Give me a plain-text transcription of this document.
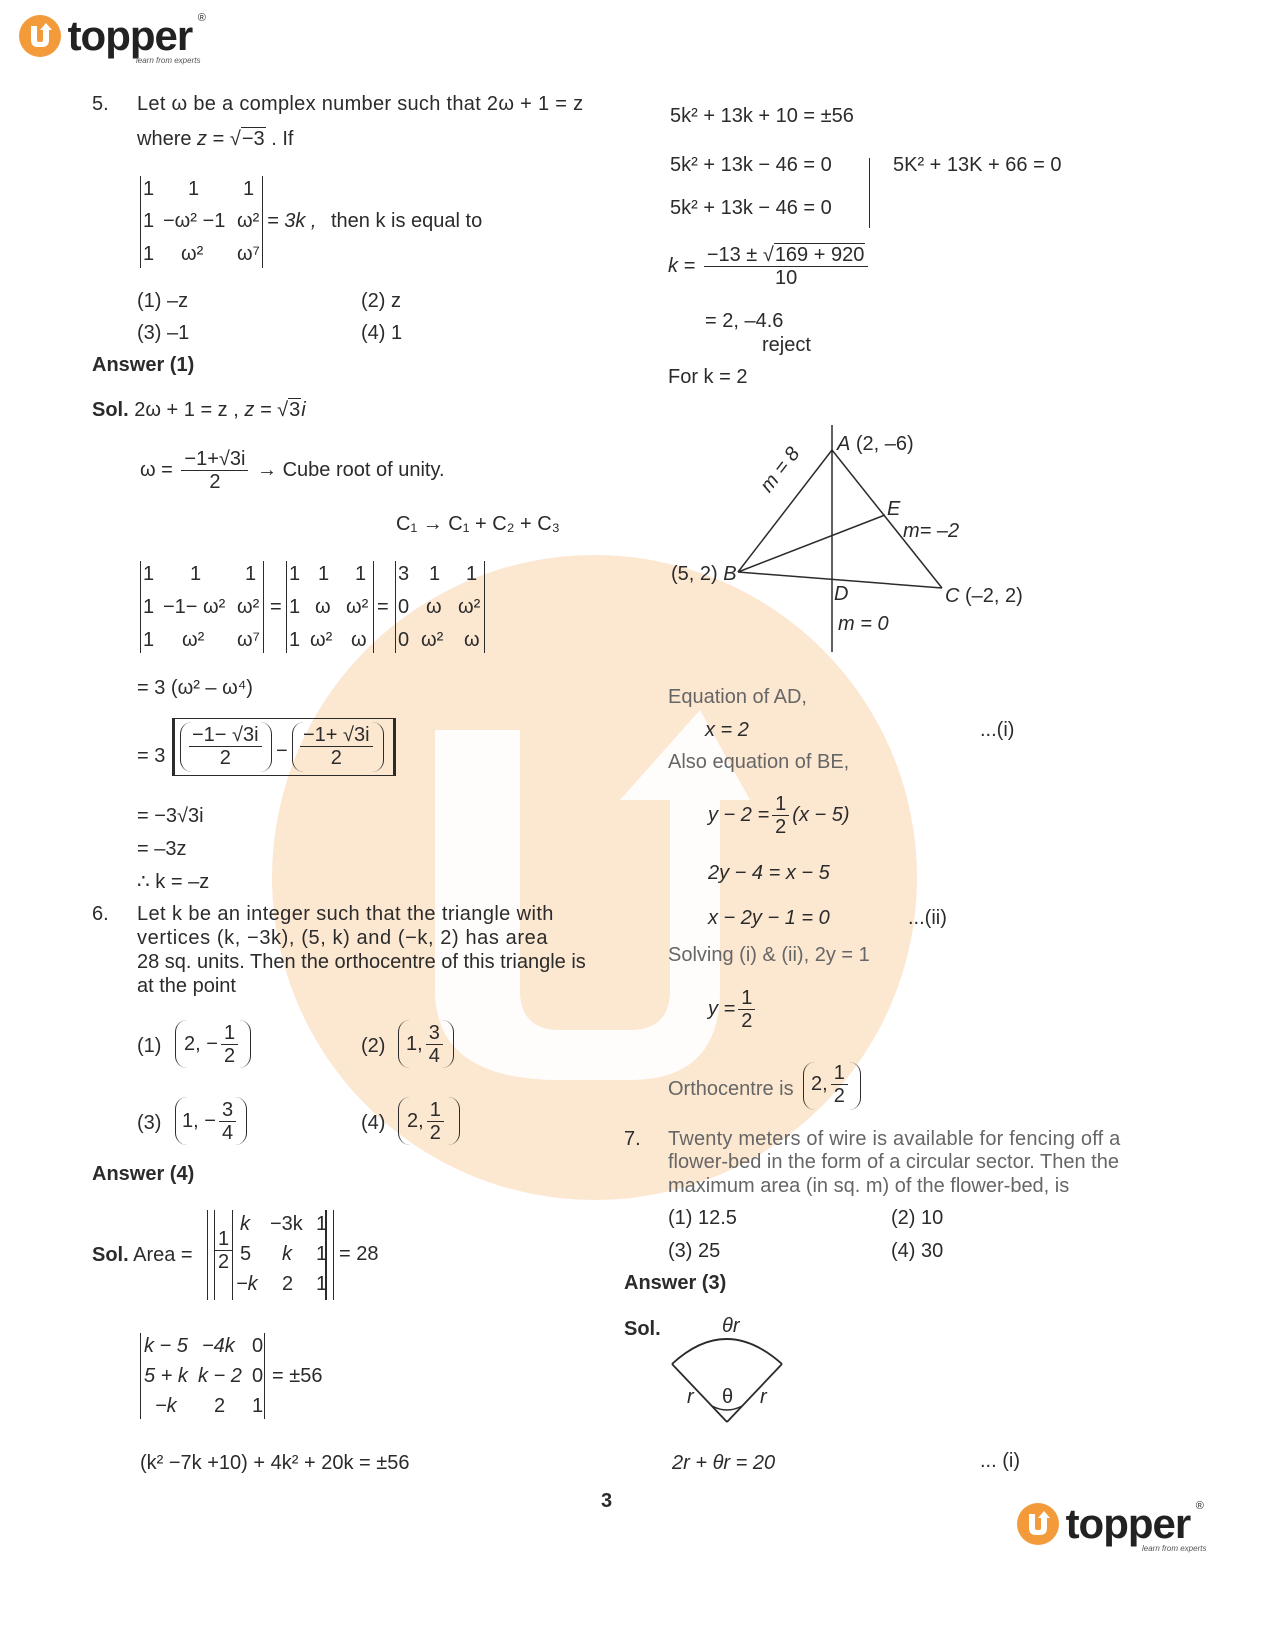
topper ®
learn from experts
5. Let ω be a complex number such that 2ω + 1 = z
where z = √−3 . If
1 1 1
1 −ω² −1 ω²
1 ω² ω⁷
= 3k , then k is equal to
(1) –z	(2) z
(3) –1	(4) 1
Answer (1)
Sol. 2ω + 1 = z , z = √3i
$\omega = \frac{-1+√3i}{2}$ → Cube root of unity.
C₁ → C₁ + C₂ + C₃
1 1 1
1 −1− ω² ω²
1 ω² ω⁷
=
1 1 1
1 ω ω²
1 ω² ω
=
3 1 1
0 ω ω²
0 ω² ω
= 3 (ω² – ω⁴)
= $3 \frac{-1- √3i}{2} - \frac{-1+ √3i}{2}$
= −3√3i
= –3z
∴ k = –z
6. Let k be an integer such that the triangle with
vertices (k, −3k), (5, k) and (−k, 2) has area
28 sq. units. Then the orthocentre of this triangle is
at the point
(1) 2, − $\frac{1}{2}$	(2) 1, $\frac{3}{4}$
(3) 1, − $\frac{3}{4}$	(4) 2, $\frac{1}{2}$
Answer (4)
Sol. Area = $\frac{1}{2}$
k −3k 1
5 k 1
−k 2 1
= 28
k − 5 −4k 0
5 + k k − 2 0
−k 2 1
= ±56
(k² −7k +10) + 4k² + 20k = ±56
5k² + 13k + 10 = ±56
5k² + 13k − 46 = 0	5K² + 13K + 66 = 0
5k² + 13k − 46 = 0
$k = \frac{-13 \pm √169 + 920}{10}$
= 2, –4.6
reject
For k = 2
A (2, –6)
(5, 2) B
C (–2, 2)
D
E
m = 8
m= –2
m = 0
Equation of AD,
x = 2	...(i)
Also equation of BE,
$y - 2 = \frac{1}{2} (x - 5)$
2y − 4 = x − 5
x − 2y − 1 = 0	...(ii)
Solving (i) & (ii), 2y = 1
$y = \frac{1}{2}$
Orthocentre is 2, $\frac{1}{2}$
7. Twenty meters of wire is available for fencing off a
flower-bed in the form of a circular sector. Then the
maximum area (in sq. m) of the flower-bed, is
(1) 12.5	(2) 10
(3) 25	(4) 30
Answer (3)
Sol.	θr
r	r
θ
2r + θr = 20	... (i)
3	topper ®
learn from experts
